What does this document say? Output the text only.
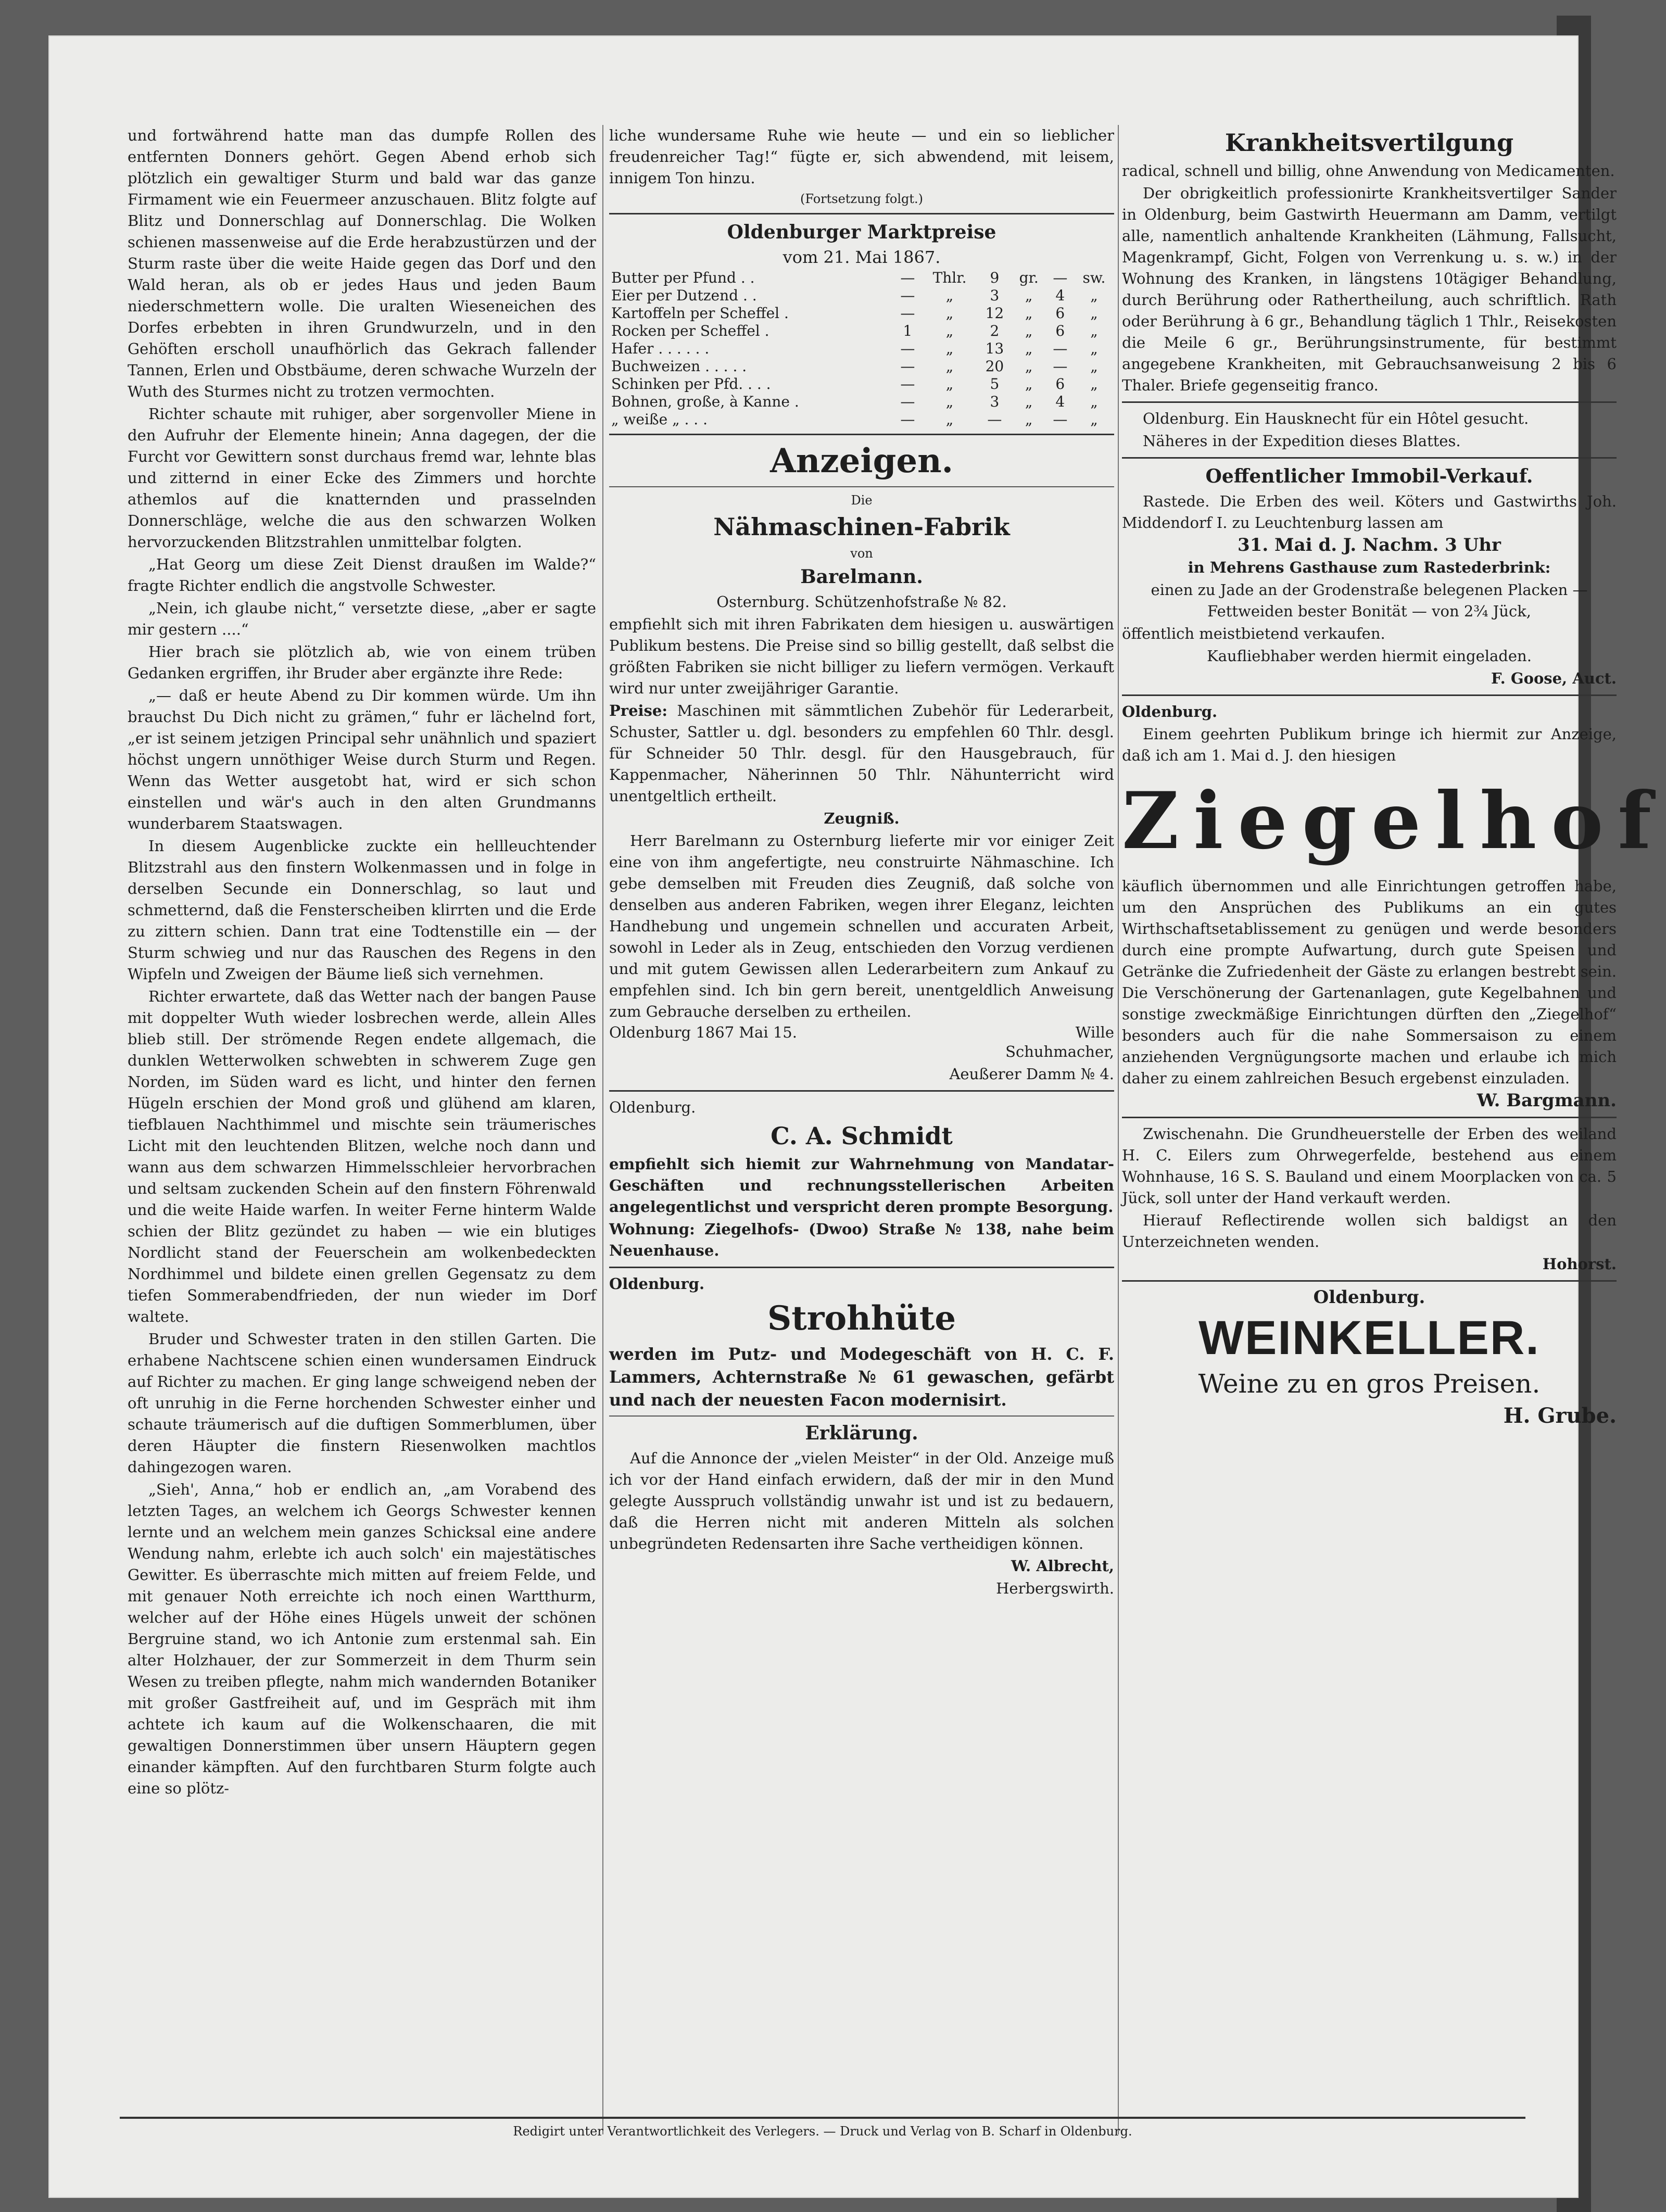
und fortwährend hatte man das dumpfe Rollen des entfernten Donners gehört. Gegen Abend erhob sich plötzlich ein gewaltiger Sturm und bald war das ganze Firmament wie ein Feuermeer anzuschauen. Blitz folgte auf Blitz und Donnerschlag auf Donnerschlag. Die Wolken schienen massenweise auf die Erde herabzustürzen und der Sturm raste über die weite Haide gegen das Dorf und den Wald heran, als ob er jedes Haus und jeden Baum niederschmettern wolle. Die uralten Wieseneichen des Dorfes erbebten in ihren Grundwurzeln, und in den Gehöften erscholl unaufhörlich das Gekrach fallender Tannen, Erlen und Obstbäume, deren schwache Wurzeln der Wuth des Sturmes nicht zu trotzen vermochten.

Richter schaute mit ruhiger, aber sorgenvoller Miene in den Aufruhr der Elemente hinein; Anna dagegen, der die Furcht vor Gewittern sonst durchaus fremd war, lehnte blas und zitternd in einer Ecke des Zimmers und horchte athemlos auf die knatternden und prasselnden Donnerschläge, welche die aus den schwarzen Wolken hervorzuckenden Blitzstrahlen unmittelbar folgten.

„Hat Georg um diese Zeit Dienst draußen im Walde?“ fragte Richter endlich die angstvolle Schwester.

„Nein, ich glaube nicht,“ versetzte diese, „aber er sagte mir gestern ....“

Hier brach sie plötzlich ab, wie von einem trüben Gedanken ergriffen, ihr Bruder aber ergänzte ihre Rede:

„— daß er heute Abend zu Dir kommen würde. Um ihn brauchst Du Dich nicht zu grämen,“ fuhr er lächelnd fort, „er ist seinem jetzigen Principal sehr unähnlich und spaziert höchst ungern unnöthiger Weise durch Sturm und Regen. Wenn das Wetter ausgetobt hat, wird er sich schon einstellen und wär's auch in den alten Grundmanns wunderbarem Staatswagen.

In diesem Augenblicke zuckte ein hellleuchtender Blitzstrahl aus den finstern Wolkenmassen und in folge in derselben Secunde ein Donnerschlag, so laut und schmetternd, daß die Fensterscheiben klirrten und die Erde zu zittern schien. Dann trat eine Todtenstille ein — der Sturm schwieg und nur das Rauschen des Regens in den Wipfeln und Zweigen der Bäume ließ sich vernehmen.

Richter erwartete, daß das Wetter nach der bangen Pause mit doppelter Wuth wieder losbrechen werde, allein Alles blieb still. Der strömende Regen endete allgemach, die dunklen Wetterwolken schwebten in schwerem Zuge gen Norden, im Süden ward es licht, und hinter den fernen Hügeln erschien der Mond groß und glühend am klaren, tiefblauen Nachthimmel und mischte sein träumerisches Licht mit den leuchtenden Blitzen, welche noch dann und wann aus dem schwarzen Himmelsschleier hervorbrachen und seltsam zuckenden Schein auf den finstern Föhrenwald und die weite Haide warfen. In weiter Ferne hinterm Walde schien der Blitz gezündet zu haben — wie ein blutiges Nordlicht stand der Feuerschein am wolkenbedeckten Nordhimmel und bildete einen grellen Gegensatz zu dem tiefen Sommerabendfrieden, der nun wieder im Dorf waltete.

Bruder und Schwester traten in den stillen Garten. Die erhabene Nachtscene schien einen wundersamen Eindruck auf Richter zu machen. Er ging lange schweigend neben der oft unruhig in die Ferne horchenden Schwester einher und schaute träumerisch auf die duftigen Sommerblumen, über deren Häupter die finstern Riesenwolken machtlos dahingezogen waren.

„Sieh', Anna,“ hob er endlich an, „am Vorabend des letzten Tages, an welchem ich Georgs Schwester kennen lernte und an welchem mein ganzes Schicksal eine andere Wendung nahm, erlebte ich auch solch' ein majestätisches Gewitter. Es überraschte mich mitten auf freiem Felde, und mit genauer Noth erreichte ich noch einen Wartthurm, welcher auf der Höhe eines Hügels unweit der schönen Bergruine stand, wo ich Antonie zum erstenmal sah. Ein alter Holzhauer, der zur Sommerzeit in dem Thurm sein Wesen zu treiben pflegte, nahm mich wandernden Botaniker mit großer Gastfreiheit auf, und im Gespräch mit ihm achtete ich kaum auf die Wolkenschaaren, die mit gewaltigen Donnerstimmen über unsern Häuptern gegen einander kämpften. Auf den furchtbaren Sturm folgte auch eine so plötz-

liche wundersame Ruhe wie heute — und ein so lieblicher freudenreicher Tag!“ fügte er, sich abwendend, mit leisem, innigem Ton hinzu.

(Fortsetzung folgt.)

Oldenburger Marktpreise

vom 21. Mai 1867.

Butter per Pfund . .	—	Thlr.	9	gr.	—	sw.
Eier per Dutzend . .	—	„	3	„	4	„
Kartoffeln per Scheffel .	—	„	12	„	6	„
Rocken per Scheffel .	1	„	2	„	6	„
Hafer . . . . . .	—	„	13	„	—	„
Buchweizen . . . . .	—	„	20	„	—	„
Schinken per Pfd. . . .	—	„	5	„	6	„
Bohnen, große, à Kanne .	—	„	3	„	4	„
„ weiße „ . . .	—	„	—	„	—	„
Anzeigen.

Die

Nähmaschinen-Fabrik

von

Barelmann.

Osternburg. Schützenhofstraße № 82.

empfiehlt sich mit ihren Fabrikaten dem hiesigen u. auswärtigen Publikum bestens. Die Preise sind so billig gestellt, daß selbst die größten Fabriken sie nicht billiger zu liefern vermögen. Verkauft wird nur unter zweijähriger Garantie.

Preise: Maschinen mit sämmtlichen Zubehör für Lederarbeit, Schuster, Sattler u. dgl. besonders zu empfehlen 60 Thlr. desgl. für Schneider 50 Thlr. desgl. für den Hausgebrauch, für Kappenmacher, Näherinnen 50 Thlr. Nähunterricht wird unentgeltlich ertheilt.

Zeugniß.

Herr Barelmann zu Osternburg lieferte mir vor einiger Zeit eine von ihm angefertigte, neu construirte Nähmaschine. Ich gebe demselben mit Freuden dies Zeugniß, daß solche von denselben aus anderen Fabriken, wegen ihrer Eleganz, leichten Handhebung und ungemein schnellen und accuraten Arbeit, sowohl in Leder als in Zeug, entschieden den Vorzug verdienen und mit gutem Gewissen allen Lederarbeitern zum Ankauf zu empfehlen sind. Ich bin gern bereit, unentgeldlich Anweisung zum Gebrauche derselben zu ertheilen.

Oldenburg 1867 Mai 15.	Wille

Schuhmacher,

Aeußerer Damm № 4.

Oldenburg.

C. A. Schmidt

empfiehlt sich hiemit zur Wahrnehmung von Mandatar-Geschäften und rechnungsstellerischen Arbeiten angelegentlichst und verspricht deren prompte Besorgung.

Wohnung: Ziegelhofs- (Dwoo) Straße № 138, nahe beim Neuenhause.

Oldenburg.

Strohhüte

werden im Putz- und Modegeschäft von H. C. F. Lammers, Achternstraße № 61 gewaschen, gefärbt und nach der neuesten Facon modernisirt.

Erklärung.

Auf die Annonce der „vielen Meister“ in der Old. Anzeige muß ich vor der Hand einfach erwidern, daß der mir in den Mund gelegte Ausspruch vollständig unwahr ist und ist zu bedauern, daß die Herren nicht mit anderen Mitteln als solchen unbegründeten Redensarten ihre Sache vertheidigen können.

W. Albrecht,

Herbergswirth.

Krankheitsvertilgung

radical, schnell und billig, ohne Anwendung von Medicamenten.

Der obrigkeitlich professionirte Krankheitsvertilger Sander in Oldenburg, beim Gastwirth Heuermann am Damm, vertilgt alle, namentlich anhaltende Krankheiten (Lähmung, Fallsucht, Magenkrampf, Gicht, Folgen von Verrenkung u. s. w.) in der Wohnung des Kranken, in längstens 10tägiger Behandlung, durch Berührung oder Rathertheilung, auch schriftlich. Rath oder Berührung à 6 gr., Behandlung täglich 1 Thlr., Reisekosten die Meile 6 gr., Berührungsinstrumente, für bestimmt angegebene Krankheiten, mit Gebrauchsanweisung 2 bis 6 Thaler. Briefe gegenseitig franco.

Oldenburg. Ein Hausknecht für ein Hôtel gesucht.

Näheres in der Expedition dieses Blattes.

Oeffentlicher Immobil-Verkauf.

Rastede. Die Erben des weil. Köters und Gastwirths Joh. Middendorf I. zu Leuchtenburg lassen am

31. Mai d. J. Nachm. 3 Uhr

in Mehrens Gasthause zum Rastederbrink:

einen zu Jade an der Grodenstraße belegenen Placken — Fettweiden bester Bonität — von 2¾ Jück,

öffentlich meistbietend verkaufen.

Kaufliebhaber werden hiermit eingeladen.

F. Goose, Auct.

Oldenburg.

Einem geehrten Publikum bringe ich hiermit zur Anzeige, daß ich am 1. Mai d. J. den hiesigen

Ziegelhof

käuflich übernommen und alle Einrichtungen getroffen habe, um den Ansprüchen des Publikums an ein gutes Wirthschaftsetablissement zu genügen und werde besonders durch eine prompte Aufwartung, durch gute Speisen und Getränke die Zufriedenheit der Gäste zu erlangen bestrebt sein. Die Verschönerung der Gartenanlagen, gute Kegelbahnen und sonstige zweckmäßige Einrichtungen dürften den „Ziegelhof“ besonders auch für die nahe Sommersaison zu einem anziehenden Vergnügungsorte machen und erlaube ich mich daher zu einem zahlreichen Besuch ergebenst einzuladen.

W. Bargmann.

Zwischenahn. Die Grundheuerstelle der Erben des weiland H. C. Eilers zum Ohrwegerfelde, bestehend aus einem Wohnhause, 16 S. S. Bauland und einem Moorplacken von ca. 5 Jück, soll unter der Hand verkauft werden.

Hierauf Reflectirende wollen sich baldigst an den Unterzeichneten wenden.

Hohorst.

Oldenburg.

WEINKELLER.

Weine zu en gros Preisen.

H. Grube.

Redigirt unter Verantwortlichkeit des Verlegers. — Druck und Verlag von B. Scharf in Oldenburg.
